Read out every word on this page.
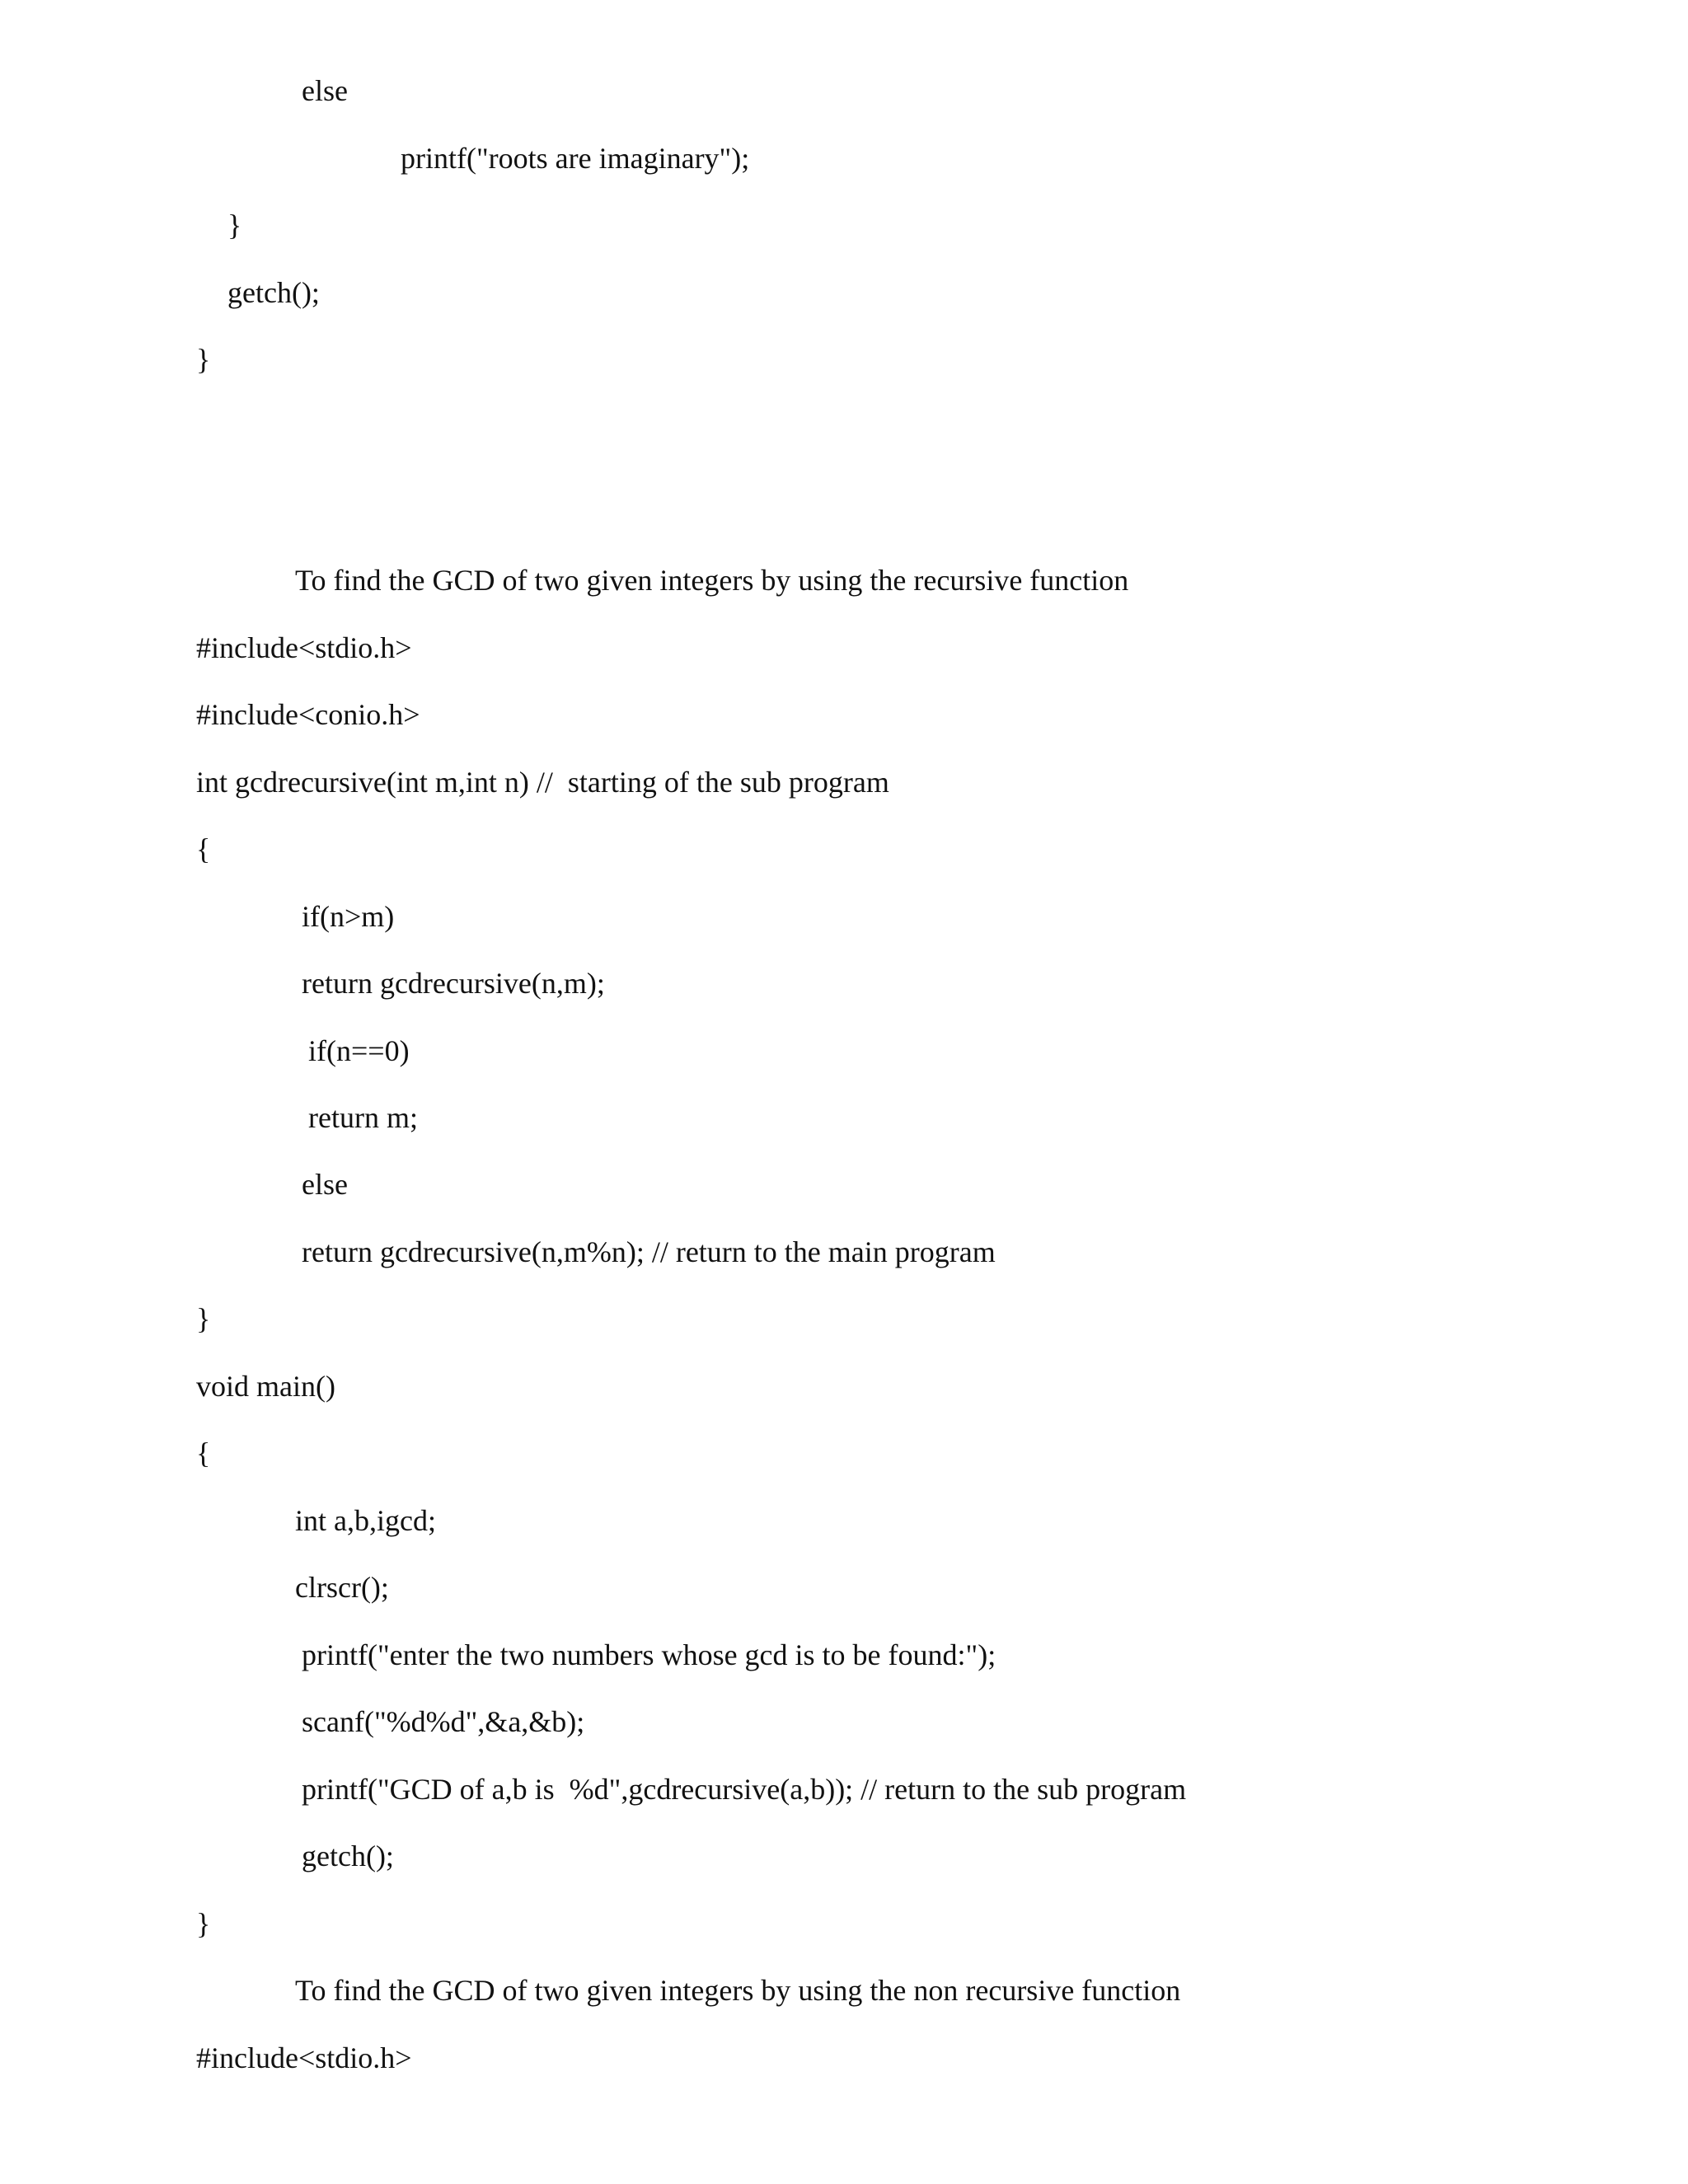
else

printf("roots are imaginary");

}

getch();

}

To find the GCD of two given integers by using the recursive function

#include<stdio.h>

#include<conio.h>

int gcdrecursive(int m,int n) //  starting of the sub program

{

if(n>m)

return gcdrecursive(n,m);

if(n==0)

return m;

else

return gcdrecursive(n,m%n); // return to the main program

}

void main()

{

int a,b,igcd;

clrscr();

printf("enter the two numbers whose gcd is to be found:");

scanf("%d%d",&a,&b);

printf("GCD of a,b is  %d",gcdrecursive(a,b)); // return to the sub program

getch();

}

To find the GCD of two given integers by using the non recursive function

#include<stdio.h>
